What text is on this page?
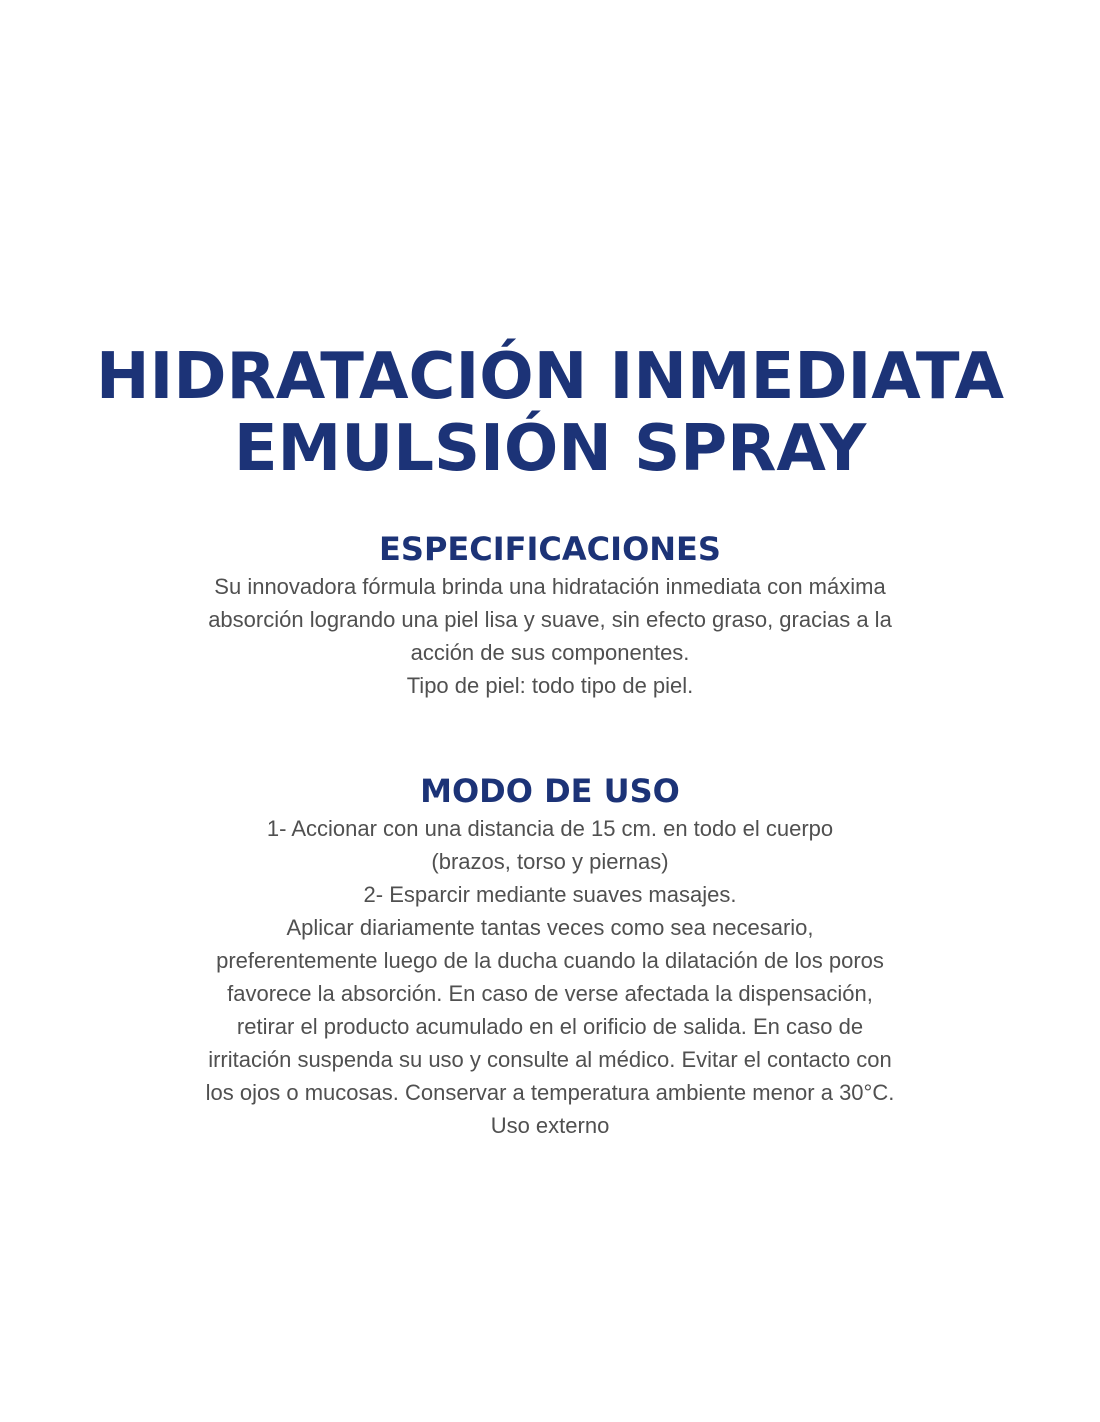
HIDRATACIÓN INMEDIATA
EMULSIÓN SPRAY
ESPECIFICACIONES
Su innovadora fórmula brinda una hidratación inmediata con máxima
absorción logrando una piel lisa y suave, sin efecto graso, gracias a la
acción de sus componentes.
Tipo de piel: todo tipo de piel.
MODO DE USO
1- Accionar con una distancia de 15 cm. en todo el cuerpo
(brazos, torso y piernas)
2- Esparcir mediante suaves masajes.
Aplicar diariamente tantas veces como sea necesario,
preferentemente luego de la ducha cuando la dilatación de los poros
favorece la absorción. En caso de verse afectada la dispensación,
retirar el producto acumulado en el orificio de salida. En caso de
irritación suspenda su uso y consulte al médico. Evitar el contacto con
los ojos o mucosas. Conservar a temperatura ambiente menor a 30°C.
Uso externo
